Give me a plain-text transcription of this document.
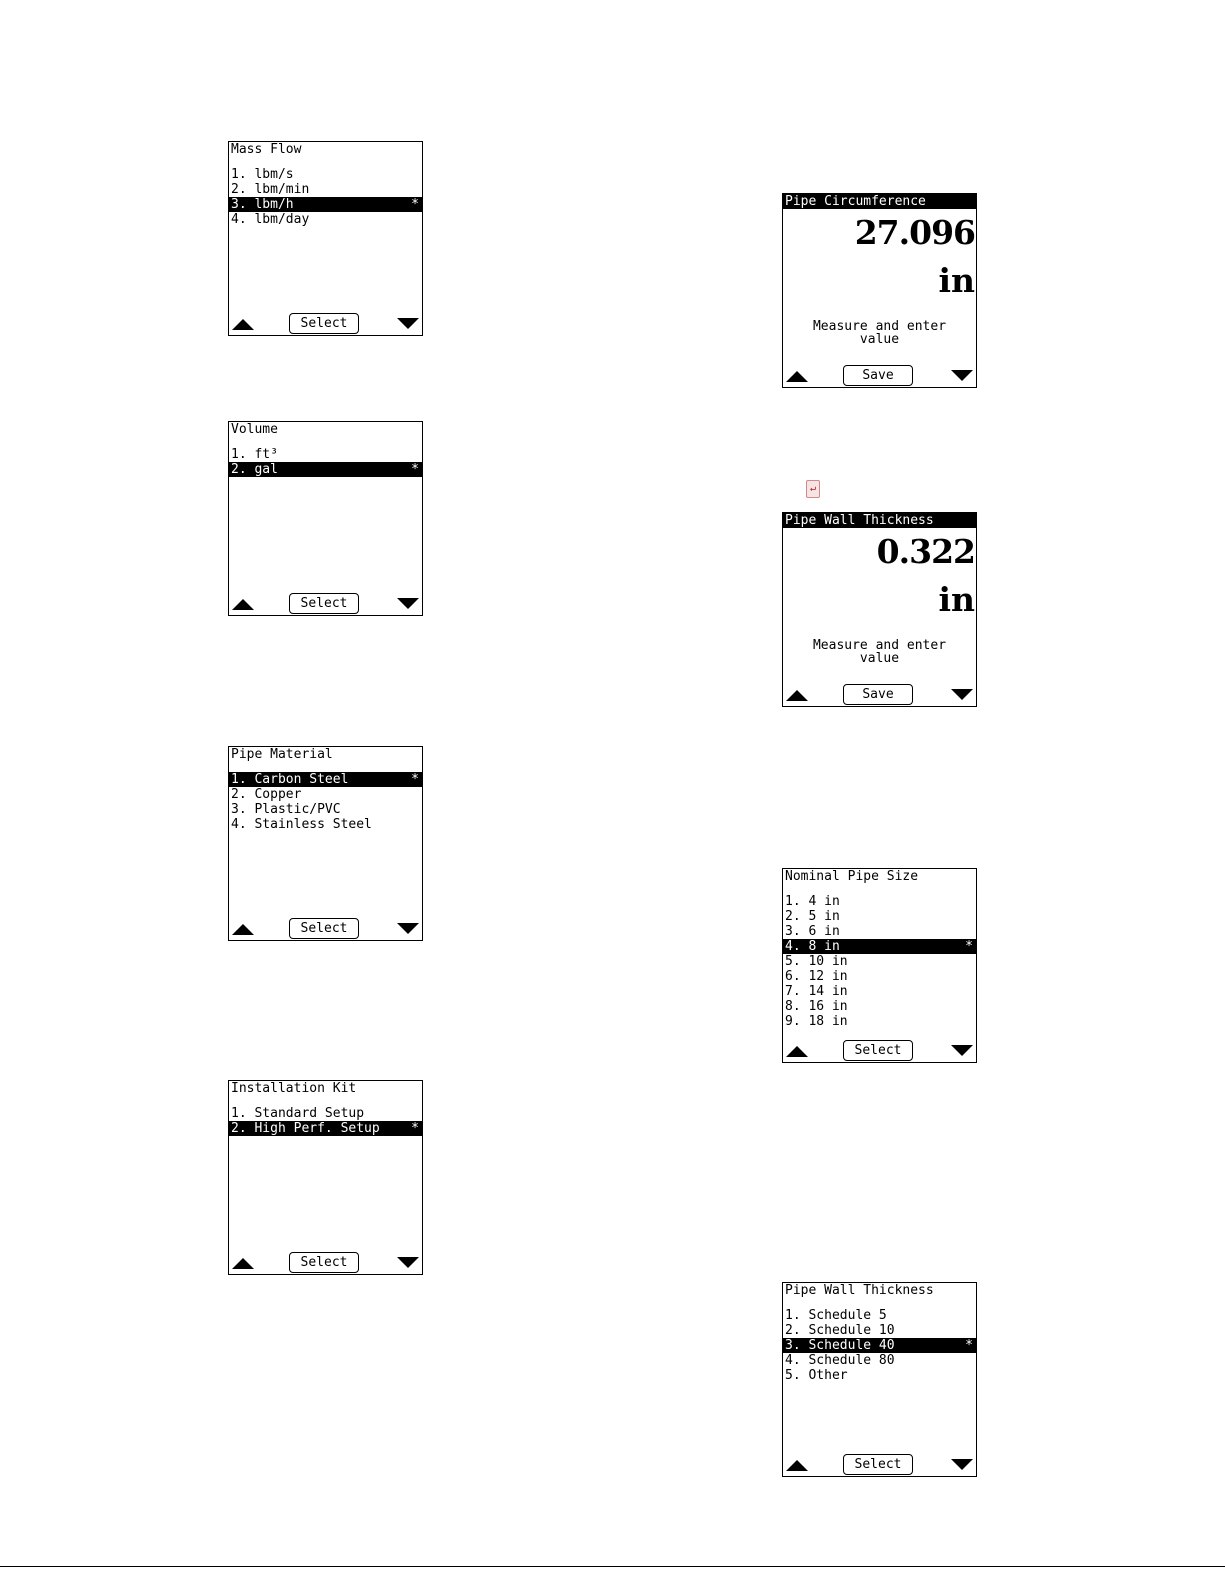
Mass Flow
1. lbm/s
2. lbm/min
3. lbm/h	*
4. lbm/day
Select
Volume
1. ft³
2. gal	*
Select
Pipe Material
1. Carbon Steel	*
2. Copper
3. Plastic/PVC
4. Stainless Steel
Select
Installation Kit
1. Standard Setup
2. High Perf. Setup *
Select
Pipe Circumference
27.096
in
Measure and enter
value
Save
↵
Pipe Wall Thickness
0.322
in
Measure and enter
value
Save
Nominal Pipe Size
1. 4 in
2. 5 in
3. 6 in
4. 8 in	*
5. 10 in
6. 12 in
7. 14 in
8. 16 in
9. 18 in
Select
Pipe Wall Thickness
1. Schedule 5
2. Schedule 10
3. Schedule 40	*
4. Schedule 80
5. Other
Select
